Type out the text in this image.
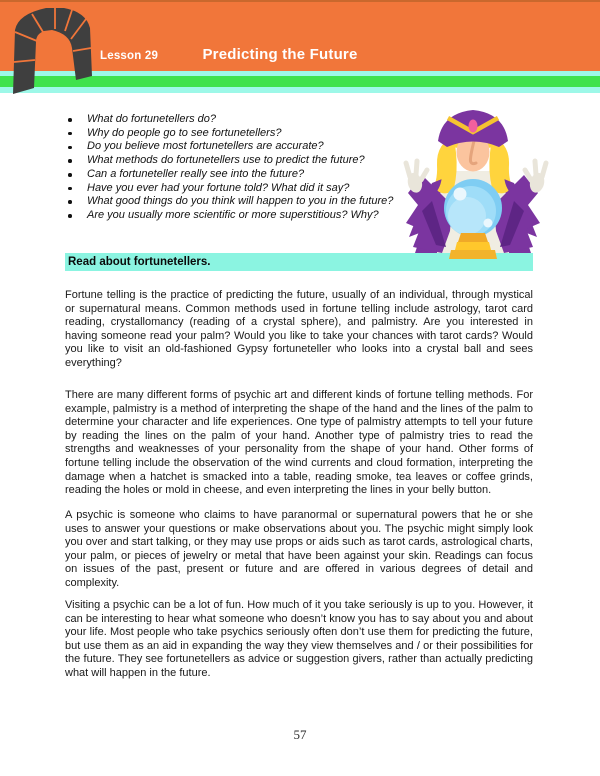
Lesson 29	Predicting the Future
What do fortunetellers do?
Why do people go to see fortunetellers?
Do you believe most fortunetellers are accurate?
What methods do fortunetellers use to predict the future?
Can a fortuneteller really see into the future?
Have you ever had your fortune told? What did it say?
What good things do you think will happen to you in the future?
Are you usually more scientific or more superstitious? Why?
Read about fortunetellers.

Fortune telling is the practice of predicting the future, usually of an individual, through mystical or supernatural means. Common methods used in fortune telling include astrology, tarot card reading, crystallomancy (reading of a crystal sphere), and palmistry. Are you interested in having someone read your palm? Would you like to take your chances with tarot cards? Would you like to visit an old-fashioned Gypsy fortuneteller who looks into a crystal ball and sees everything?

There are many different forms of psychic art and different kinds of fortune telling methods. For example, palmistry is a method of interpreting the shape of the hand and the lines of the palm to determine your character and life experiences. One type of palmistry attempts to tell your future by reading the lines on the palm of your hand. Another type of palmistry tries to read the strengths and weaknesses of your personality from the shape of your hand. Other forms of fortune telling include the observation of the wind currents and cloud formation, interpreting the damage when a hatchet is smacked into a table, reading smoke, tea leaves or coffee grinds, reading the holes or mold in cheese, and even interpreting the lines in your belly button.

A psychic is someone who claims to have paranormal or supernatural powers that he or she uses to answer your questions or make observations about you. The psychic might simply look you over and start talking, or they may use props or aids such as tarot cards, astrological charts, your palm, or pieces of jewelry or metal that have been against your skin. Readings can focus on issues of the past, present or future and are offered in various degrees of detail and complexity.

Visiting a psychic can be a lot of fun. How much of it you take seriously is up to you. However, it can be interesting to hear what someone who doesn’t know you has to say about you and about your life. Most people who take psychics seriously often don’t use them for predicting the future, but use them as an aid in expanding the way they view themselves and / or their possibilities for the future. They see fortunetellers as advice or suggestion givers, rather than actually predicting what will happen in the future.

57
